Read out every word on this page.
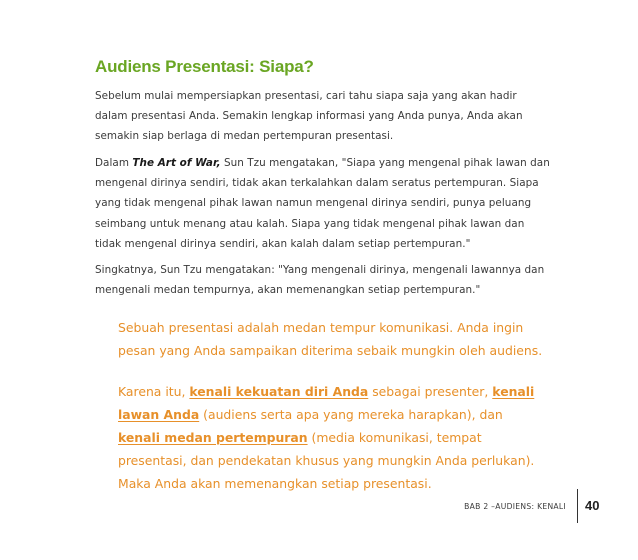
Audiens Presentasi: Siapa?
Sebelum mulai mempersiapkan presentasi, cari tahu siapa saja yang akan hadir dalam presentasi Anda. Semakin lengkap informasi yang Anda punya, Anda akan semakin siap berlaga di medan pertempuran presentasi.
Dalam The Art of War, Sun Tzu mengatakan, "Siapa yang mengenal pihak lawan dan mengenal dirinya sendiri, tidak akan terkalahkan dalam seratus pertempuran. Siapa yang tidak mengenal pihak lawan namun mengenal dirinya sendiri, punya peluang seimbang untuk menang atau kalah. Siapa yang tidak mengenal pihak lawan dan tidak mengenal dirinya sendiri, akan kalah dalam setiap pertempuran."
Singkatnya, Sun Tzu mengatakan: "Yang mengenali dirinya, mengenali lawannya dan mengenali medan tempurnya, akan memenangkan setiap pertempuran."
Sebuah presentasi adalah medan tempur komunikasi. Anda ingin pesan yang Anda sampaikan diterima sebaik mungkin oleh audiens.
Karena itu, kenali kekuatan diri Anda sebagai presenter, kenali lawan Anda (audiens serta apa yang mereka harapkan), dan kenali medan pertempuran (media komunikasi, tempat presentasi, dan pendekatan khusus yang mungkin Anda perlukan). Maka Anda akan memenangkan setiap presentasi.
BAB 2 –AUDIENS: KENALI 40
